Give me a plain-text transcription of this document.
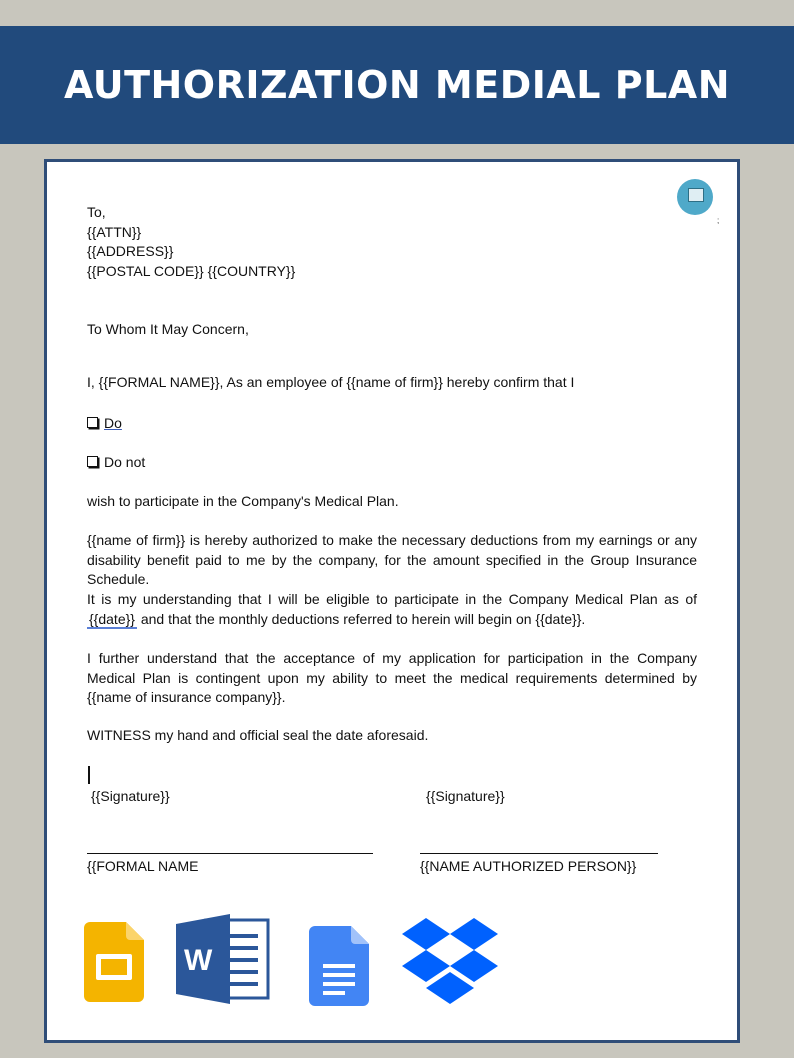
AUTHORIZATION MEDIAL PLAN
;
To,
{{ATTN}}
{{ADDRESS}}
{{POSTAL CODE}} {{COUNTRY}}
To Whom It May Concern,
I, {{FORMAL NAME}}, As an employee of {{name of firm}} hereby confirm that I
Do
Do not
wish to participate in the Company's Medical Plan.
{{name of firm}} is hereby authorized to make the necessary deductions from my earnings or any disability benefit paid to me by the company, for the amount specified in the Group Insurance Schedule.
It is my understanding that I will be eligible to participate in the Company Medical Plan as of {{date}} and that the monthly deductions referred to herein will begin on {{date}}.
I further understand that the acceptance of my application for participation in the Company Medical Plan is contingent upon my ability to meet the medical requirements determined by {{name of insurance company}}.
WITNESS my hand and official seal the date aforesaid.
{{Signature}}	{{Signature}}
{{FORMAL NAME	{{NAME AUTHORIZED PERSON}}
W
